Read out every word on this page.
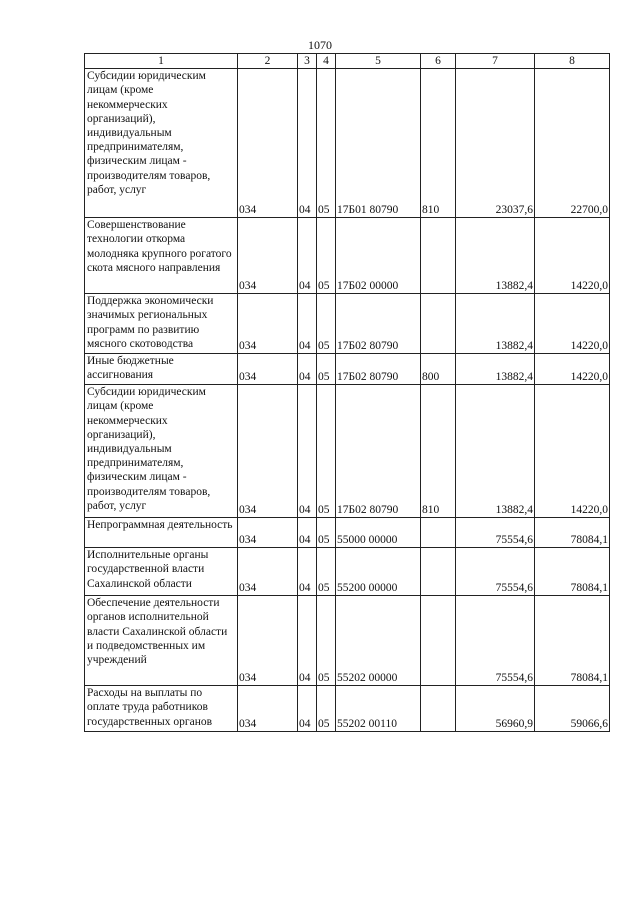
1070
1	2	3	4	5	6	7	8
Субсидии юридическим лицам (кроме некоммерческих организаций), индивидуальным предпринимателям, физическим лицам - производителям товаров, работ, услуг	034	04	05	17Б01 80790	810	23037,6	22700,0
Совершенствование технологии откорма молодняка крупного рогатого скота мясного направления	034	04	05	17Б02 00000		13882,4	14220,0
Поддержка экономически значимых региональных программ по развитию мясного скотоводства	034	04	05	17Б02 80790		13882,4	14220,0
Иные бюджетные ассигнования	034	04	05	17Б02 80790	800	13882,4	14220,0
Субсидии юридическим лицам (кроме некоммерческих организаций), индивидуальным предпринимателям, физическим лицам - производителям товаров, работ, услуг	034	04	05	17Б02 80790	810	13882,4	14220,0
Непрограммная деятельность	034	04	05	55000 00000		75554,6	78084,1
Исполнительные органы государственной власти Сахалинской области	034	04	05	55200 00000		75554,6	78084,1
Обеспечение деятельности органов исполнительной власти Сахалинской области и подведомственных им учреждений	034	04	05	55202 00000		75554,6	78084,1
Расходы на выплаты по оплате труда работников государственных органов	034	04	05	55202 00110		56960,9	59066,6
